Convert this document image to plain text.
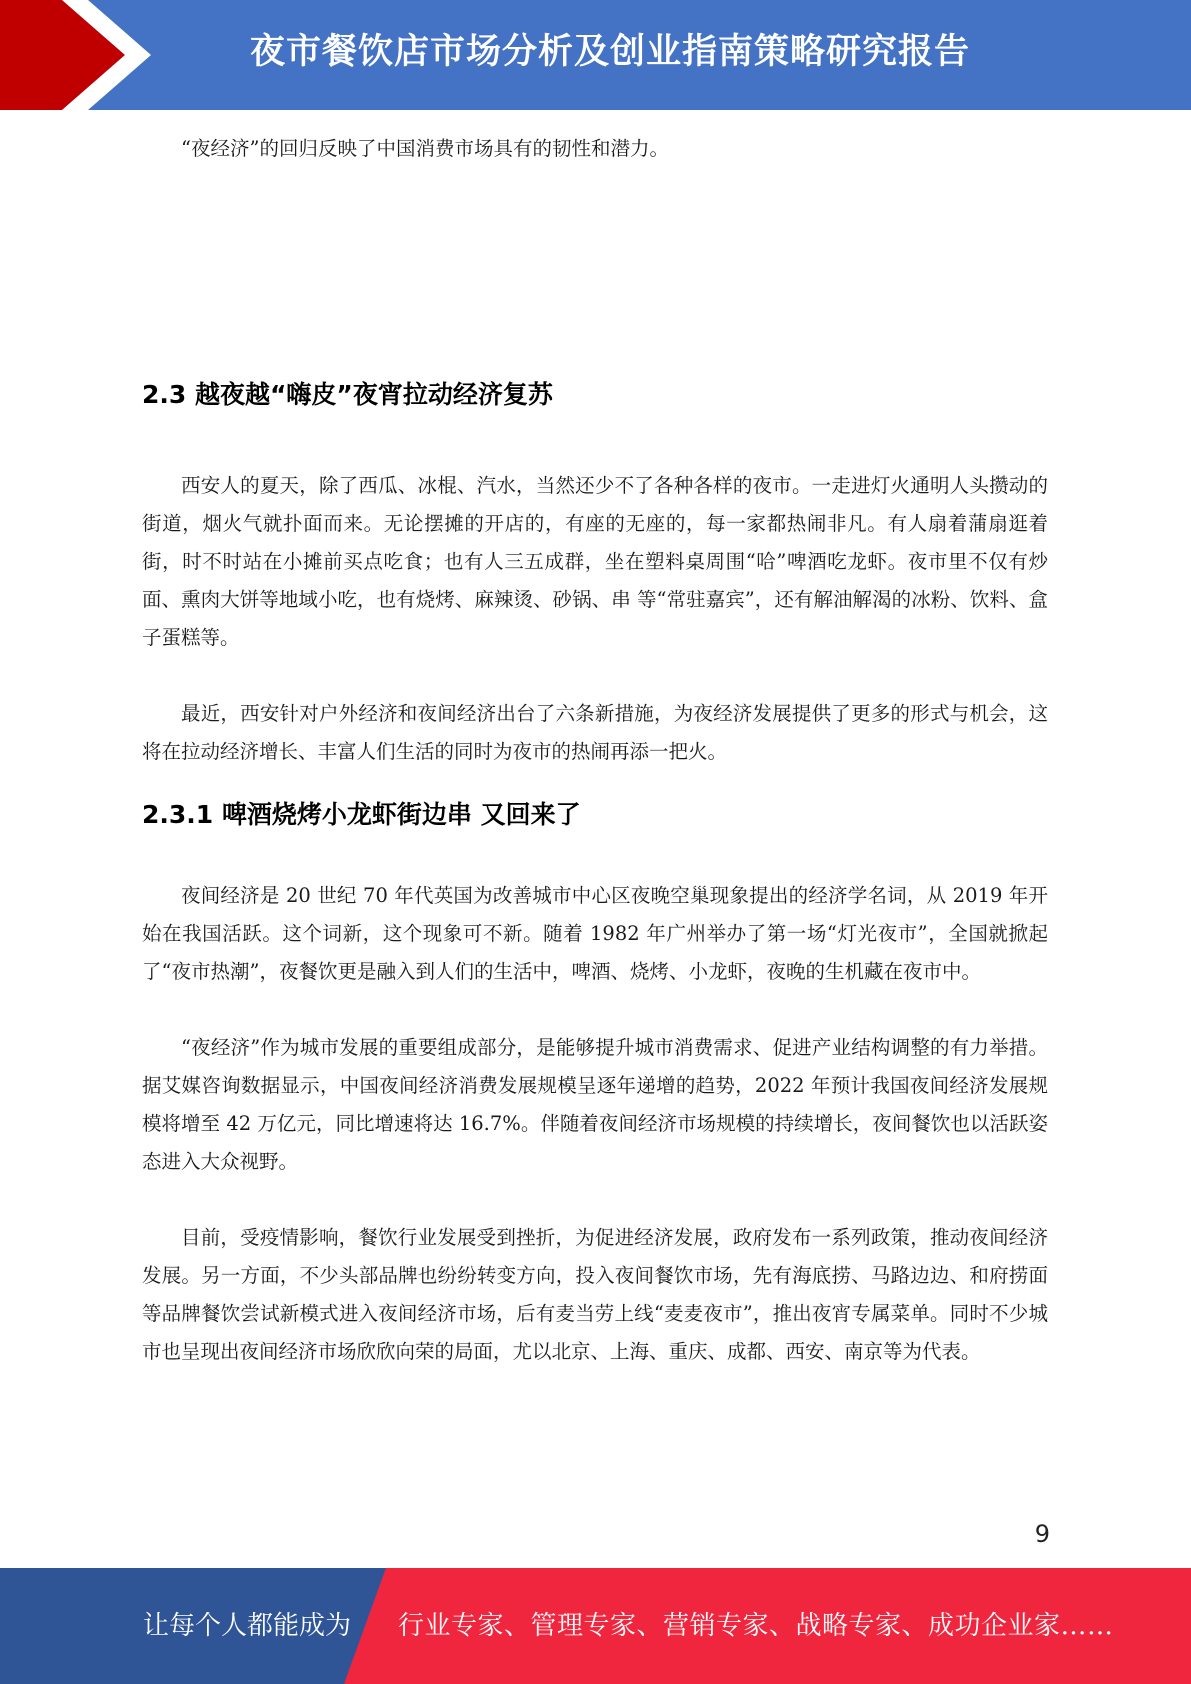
夜市餐饮店市场分析及创业指南策略研究报告

“夜经济”的回归反映了中国消费市场具有的韧性和潜力。

2.3 越夜越“嗨皮”夜宵拉动经济复苏

西安人的夏天，除了西瓜、冰棍、汽水，当然还少不了各种各样的夜市。一走进灯火通明人头攒动的街道，烟火气就扑面而来。无论摆摊的开店的，有座的无座的，每一家都热闹非凡。有人扇着蒲扇逛着街，时不时站在小摊前买点吃食；也有人三五成群，坐在塑料桌周围“哈”啤酒吃龙虾。夜市里不仅有炒面、熏肉大饼等地域小吃，也有烧烤、麻辣烫、砂锅、串 等“常驻嘉宾”，还有解油解渴的冰粉、饮料、盒子蛋糕等。

最近，西安针对户外经济和夜间经济出台了六条新措施，为夜经济发展提供了更多的形式与机会，这将在拉动经济增长、丰富人们生活的同时为夜市的热闹再添一把火。

2.3.1 啤酒烧烤小龙虾街边串 又回来了

夜间经济是 20 世纪 70 年代英国为改善城市中心区夜晚空巢现象提出的经济学名词，从 2019 年开始在我国活跃。这个词新，这个现象可不新。随着 1982 年广州举办了第一场“灯光夜市”，全国就掀起了“夜市热潮”，夜餐饮更是融入到人们的生活中，啤酒、烧烤、小龙虾，夜晚的生机藏在夜市中。

“夜经济”作为城市发展的重要组成部分，是能够提升城市消费需求、促进产业结构调整的有力举措。据艾媒咨询数据显示，中国夜间经济消费发展规模呈逐年递增的趋势，2022 年预计我国夜间经济发展规模将增至 42 万亿元，同比增速将达 16.7%。伴随着夜间经济市场规模的持续增长，夜间餐饮也以活跃姿态进入大众视野。

目前，受疫情影响，餐饮行业发展受到挫折，为促进经济发展，政府发布一系列政策，推动夜间经济发展。另一方面，不少头部品牌也纷纷转变方向，投入夜间餐饮市场，先有海底捞、马路边边、和府捞面等品牌餐饮尝试新模式进入夜间经济市场，后有麦当劳上线“麦麦夜市”，推出夜宵专属菜单。同时不少城市也呈现出夜间经济市场欣欣向荣的局面，尤以北京、上海、重庆、成都、西安、南京等为代表。

9
让每个人都能成为 行业专家、管理专家、营销专家、战略专家、成功企业家……
